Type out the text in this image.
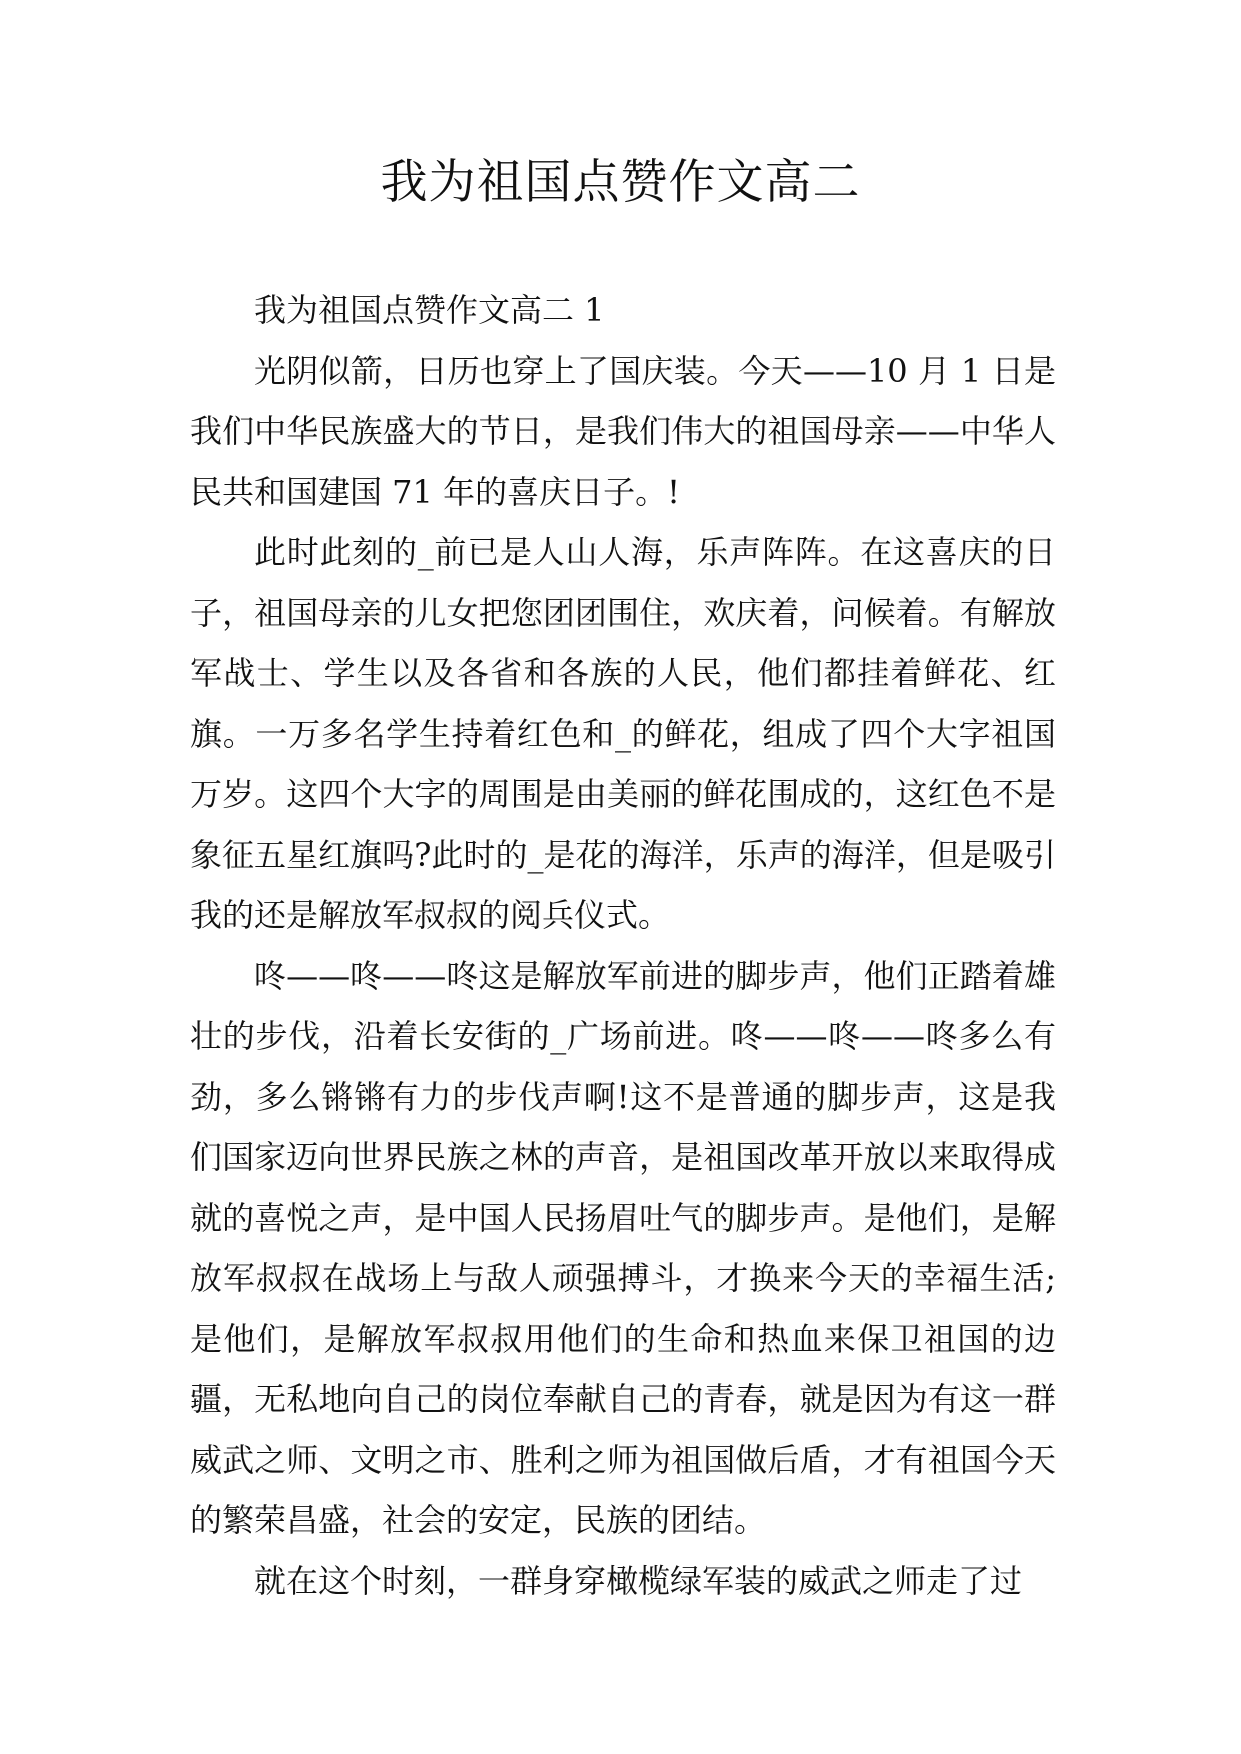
我为祖国点赞作文高二

我为祖国点赞作文高二 1

光阴似箭，日历也穿上了国庆装。今天——10 月 1 日是我们中华民族盛大的节日，是我们伟大的祖国母亲——中华人民共和国建国 71 年的喜庆日子。!

此时此刻的_前已是人山人海，乐声阵阵。在这喜庆的日子，祖国母亲的儿女把您团团围住，欢庆着，问候着。有解放军战士、学生以及各省和各族的人民，他们都挂着鲜花、红旗。一万多名学生持着红色和_的鲜花，组成了四个大字祖国万岁。这四个大字的周围是由美丽的鲜花围成的，这红色不是象征五星红旗吗?此时的_是花的海洋，乐声的海洋，但是吸引我的还是解放军叔叔的阅兵仪式。

咚——咚——咚这是解放军前进的脚步声，他们正踏着雄壮的步伐，沿着长安街的_广场前进。咚——咚——咚多么有劲，多么锵锵有力的步伐声啊!这不是普通的脚步声，这是我们国家迈向世界民族之林的声音，是祖国改革开放以来取得成就的喜悦之声，是中国人民扬眉吐气的脚步声。是他们，是解放军叔叔在战场上与敌人顽强搏斗，才换来今天的幸福生活;是他们，是解放军叔叔用他们的生命和热血来保卫祖国的边疆，无私地向自己的岗位奉献自己的青春，就是因为有这一群威武之师、文明之市、胜利之师为祖国做后盾，才有祖国今天的繁荣昌盛，社会的安定，民族的团结。

就在这个时刻，一群身穿橄榄绿军装的威武之师走了过
